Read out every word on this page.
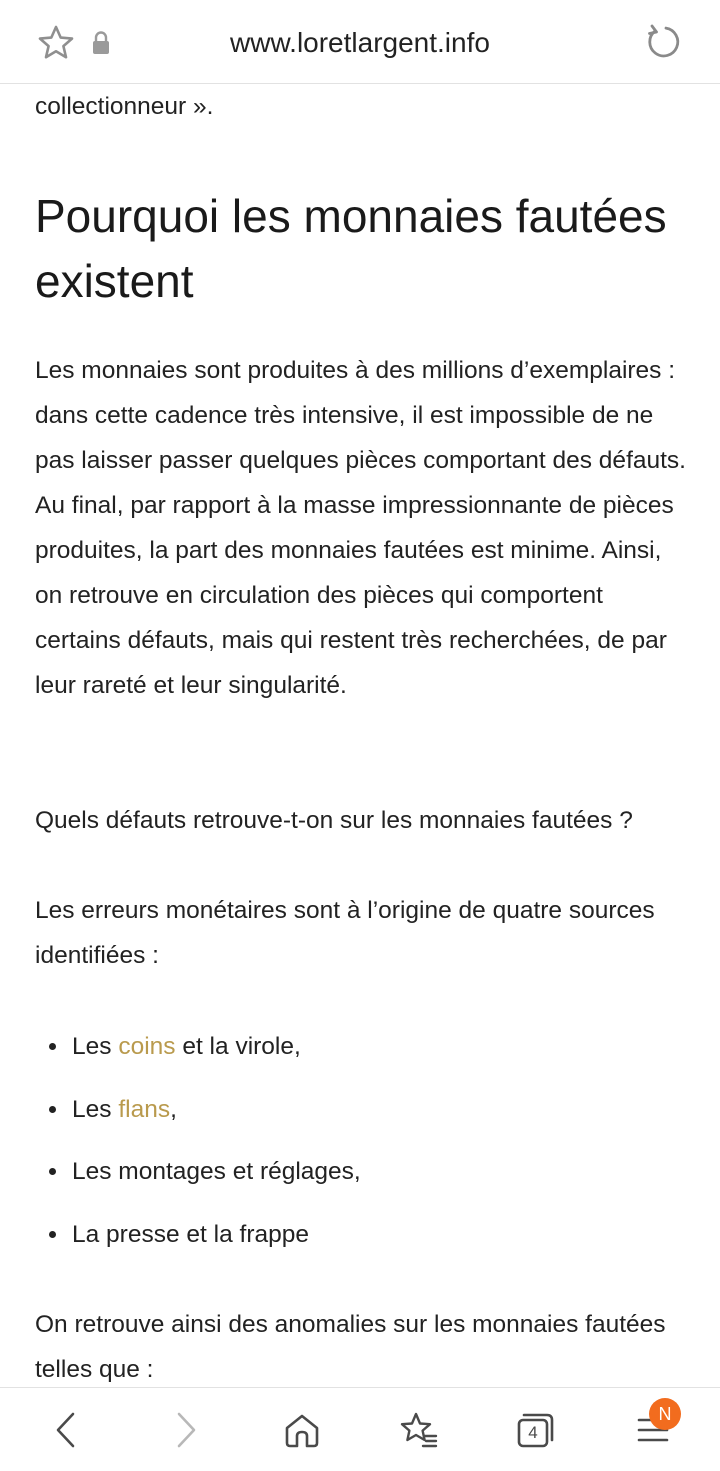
www.loretlargent.info

collectionneur ».

Pourquoi les monnaies fautées existent

Les monnaies sont produites à des millions d’exemplaires : dans cette cadence très intensive, il est impossible de ne pas laisser passer quelques pièces comportant des défauts. Au final, par rapport à la masse impressionnante de pièces produites, la part des monnaies fautées est minime. Ainsi, on retrouve en circulation des pièces qui comportent certains défauts, mais qui restent très recherchées, de par leur rareté et leur singularité.

Quels défauts retrouve-t-on sur les monnaies fautées ?

Les erreurs monétaires sont à l’origine de quatre sources identifiées :

Les coins et la virole,
Les flans,
Les montages et réglages,
La presse et la frappe

On retrouve ainsi des anomalies sur les monnaies fautées telles que :

4
N
